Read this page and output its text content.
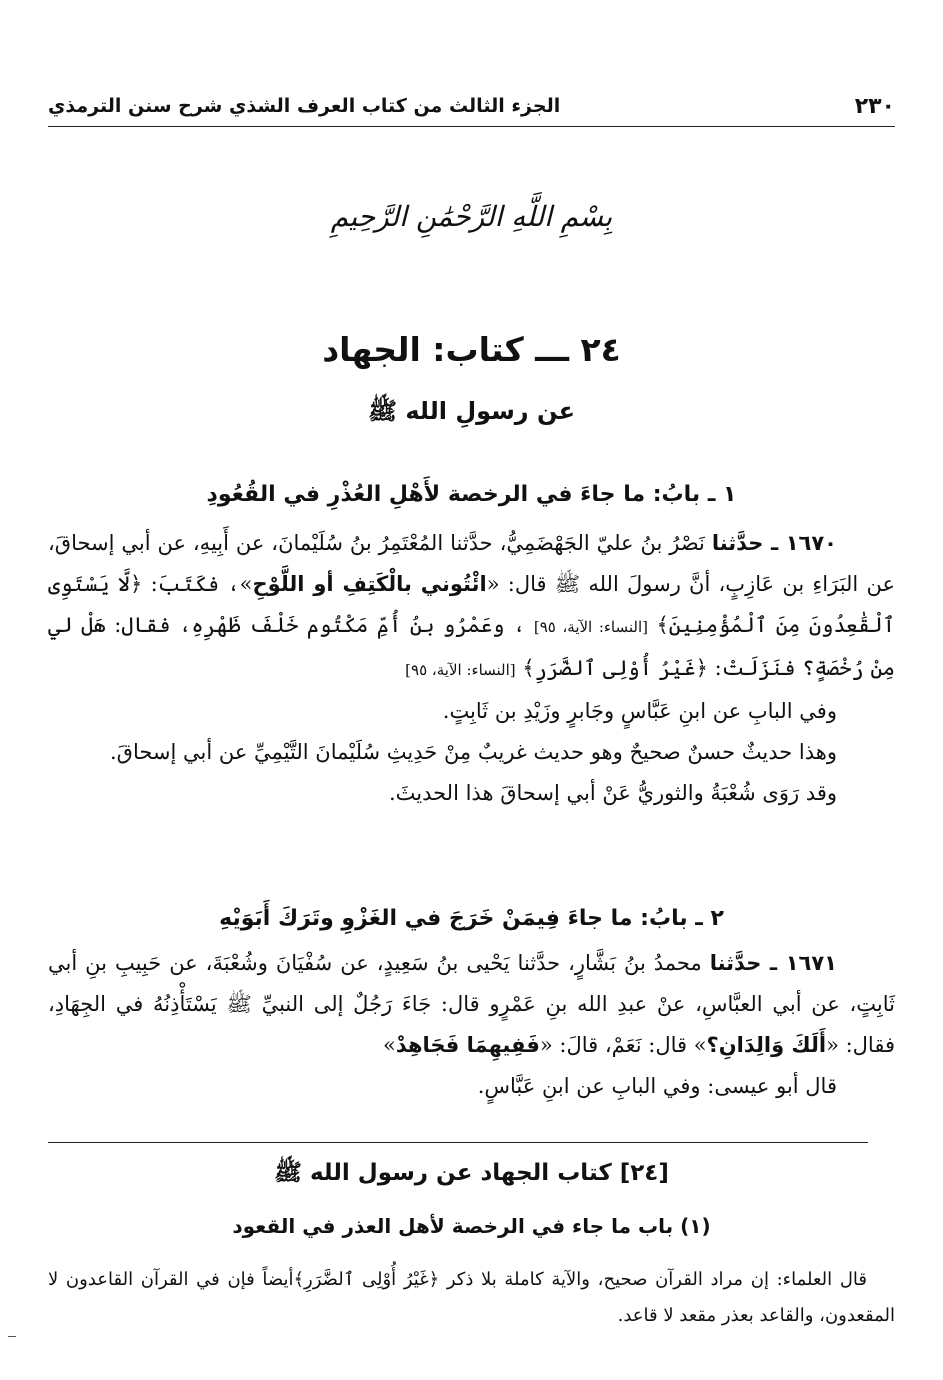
٢٣٠
الجزء الثالث من كتاب العرف الشذي شرح سنن الترمذي
بِسْمِ اللَّهِ الرَّحْمَٰنِ الرَّحِيمِ
٢٤ ـــ كتاب: الجهاد
عن رسولِ الله ﷺ
١ ـ بابُ: ما جاءَ في الرخصة لأَهْلِ العُذْرِ في القُعُودِ

١٦٧٠ ـ حدَّثنا نَصْرُ بنُ عليّ الجَهْضَمِيُّ، حدَّثنا المُعْتَمِرُ بنُ سُلَيْمانَ، عن أَبِيهِ، عن أبي إسحاقَ، عن البَرَاءِ بن عَازِبٍ، أنَّ رسولَ الله ﷺ قال: «ائْتُوني بالْكَتِفِ أو اللَّوْحِ»، فكَتَبَ: ﴿لَّا يَسْتَوِى ٱلْقَٰعِدُونَ مِنَ ٱلْمُؤْمِنِينَ﴾ [النساء: الآية، ٩٥] ، وعَمْرُو بنُ أُمِّ مَكْتُوم خَلْفَ ظَهْرِهِ، فقال: هَلْ لي مِنْ رُخْصَةٍ؟ فنَزَلَتْ: ﴿غَيْرُ أُوْلِى ٱلضَّرَرِ﴾ [النساء: الآية، ٩٥]

وفي البابِ عن ابنِ عَبَّاسٍ وجَابرٍ وزَيْدِ بن ثَابِتٍ.

وهذا حديثٌ حسنٌ صحيحٌ وهو حديث غريبٌ مِنْ حَدِيثِ سُلَيْمانَ التَّيْمِيِّ عن أبي إسحاقَ.

وقد رَوَى شُعْبَةُ والثوريُّ عَنْ أبي إسحاقَ هذا الحديثَ.

٢ ـ بابُ: ما جاءَ فِيمَنْ خَرَجَ في الغَزْوِ وتَرَكَ أَبَوَيْهِ

١٦٧١ ـ حدَّثنا محمدُ بنُ بَشَّارٍ، حدَّثنا يَحْيى بنُ سَعِيدٍ، عن سُفْيَانَ وشُعْبَةَ، عن حَبِيبِ بنِ أبي ثَابِتٍ، عن أبي العبَّاسِ، عنْ عبدِ الله بنِ عَمْرٍو قال: جَاءَ رَجُلٌ إلى النبيِّ ﷺ يَسْتَأْذِنُهُ في الجِهَادِ، فقال: «أَلَكَ وَالِدَانِ؟» قال: نَعَمْ، قالَ: «فَفِيهِمَا فَجَاهِدْ»

قال أبو عيسى: وفي البابِ عن ابنِ عَبَّاسٍ.

[٢٤] كتاب الجهاد عن رسول الله ﷺ
(١) باب ما جاء في الرخصة لأهل العذر في القعود

قال العلماء: إن مراد القرآن صحيح، والآية كاملة بلا ذكر ﴿غَيْرُ أُوْلِى ٱلضَّرَرِ﴾أيضاً فإن في القرآن القاعدون لا المقعدون، والقاعد بعذر مقعد لا قاعد.
